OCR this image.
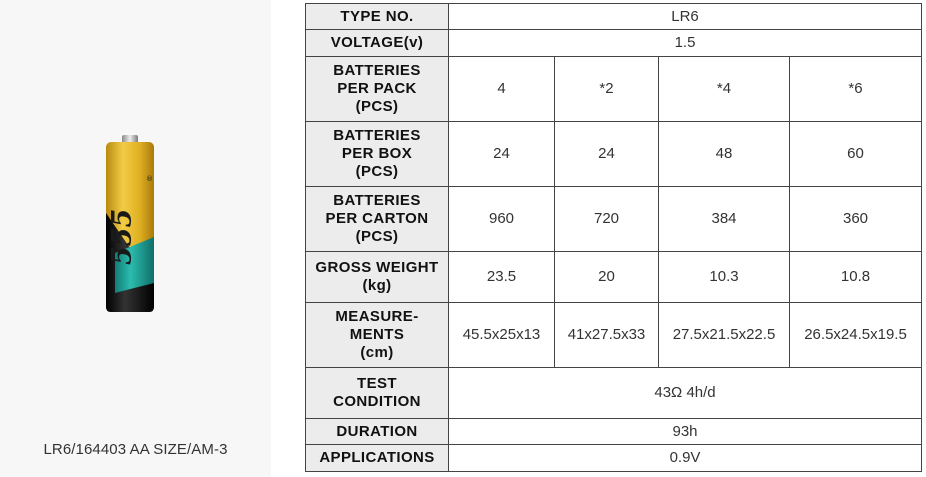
555
®
LR6/164403 AA SIZE/AM-3
TYPE NO.	LR6			
VOLTAGE(v)	1.5			

BATTERIES
PER PACK
(PCS)	4	*2	*4	*6

BATTERIES
PER BOX
(PCS)	24	24	48	60

BATTERIES
PER CARTON
(PCS)	960	720	384	360

GROSS WEIGHT
(kg)	23.5	20	10.3	10.8

MEASURE-
MENTS
(cm)	45.5x25x13	41x27.5x33	27.5x21.5x22.5	26.5x24.5x19.5

TEST
CONDITION	43Ω 4h/d			
DURATION	93h			
APPLICATIONS	0.9V			
